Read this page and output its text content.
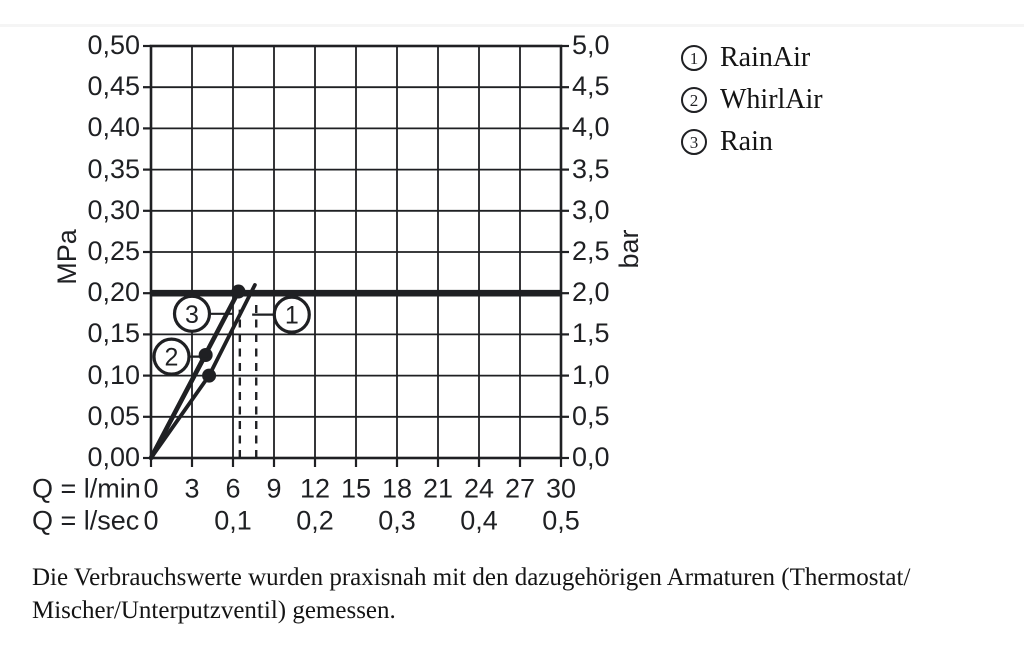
1
2
3
0,50
0,45
0,40
0,35
0,30
0,25
0,20
0,15
0,10
0,05
0,00
5,0
4,5
4,0
3,5
3,0
2,5
2,0
1,5
1,0
0,5
0,0
0 3 6 9 12 15 18 21 24 27 30
0 0,1 0,2 0,3 0,4 0,5
Q = l/min
Q = l/sec
MPa	bar
1 RainAir
2 WhirlAir
3 Rain
Die Verbrauchswerte wurden praxisnah mit den dazugehörigen Armaturen (Thermostat/
Mischer/Unterputzventil) gemessen.
